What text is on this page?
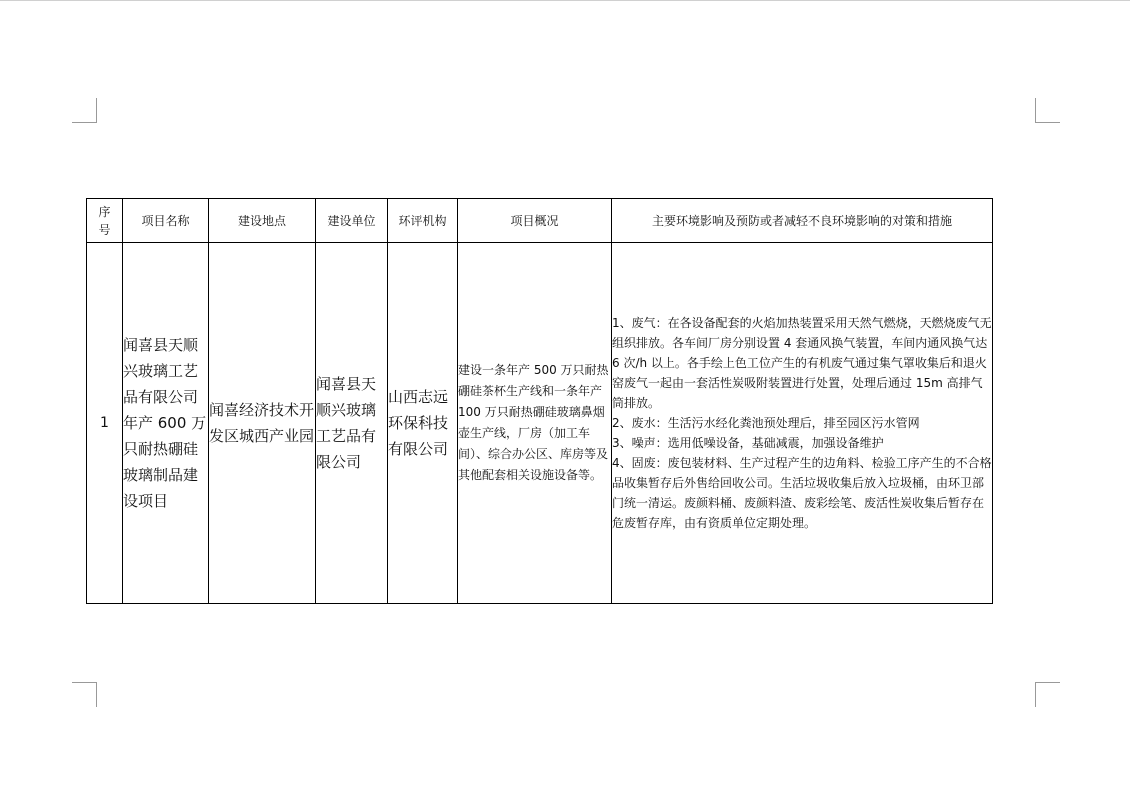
序号	项目名称	建设地点	建设单位	环评机构	项目概况	主要环境影响及预防或者减轻不良环境影响的对策和措施
1	闻喜县天顺兴玻璃工艺品有限公司年产 600 万只耐热硼硅玻璃制品建设项目	闻喜经济技术开发区城西产业园	闻喜县天顺兴玻璃工艺品有限公司	山西志远环保科技有限公司	建设一条年产 500 万只耐热硼硅茶杯生产线和一条年产 100 万只耐热硼硅玻璃鼻烟壶生产线，厂房（加工车间）、综合办公区、库房等及其他配套相关设施设备等。	1、废气：在各设备配套的火焰加热装置采用天然气燃烧，天燃烧废气无组织排放。各车间厂房分别设置 4 套通风换气装置，车间内通风换气达 6 次/h 以上。各手绘上色工位产生的有机废气通过集气罩收集后和退火窑废气一起由一套活性炭吸附装置进行处置，处理后通过 15m 高排气筒排放。

2、废水：生活污水经化粪池预处理后，排至园区污水管网

3、噪声：选用低噪设备，基础减震，加强设备维护

4、固废：废包装材料、生产过程产生的边角料、检验工序产生的不合格品收集暂存后外售给回收公司。生活垃圾收集后放入垃圾桶，由环卫部门统一清运。废颜料桶、废颜料渣、废彩绘笔、废活性炭收集后暂存在危废暂存库，由有资质单位定期处理。
